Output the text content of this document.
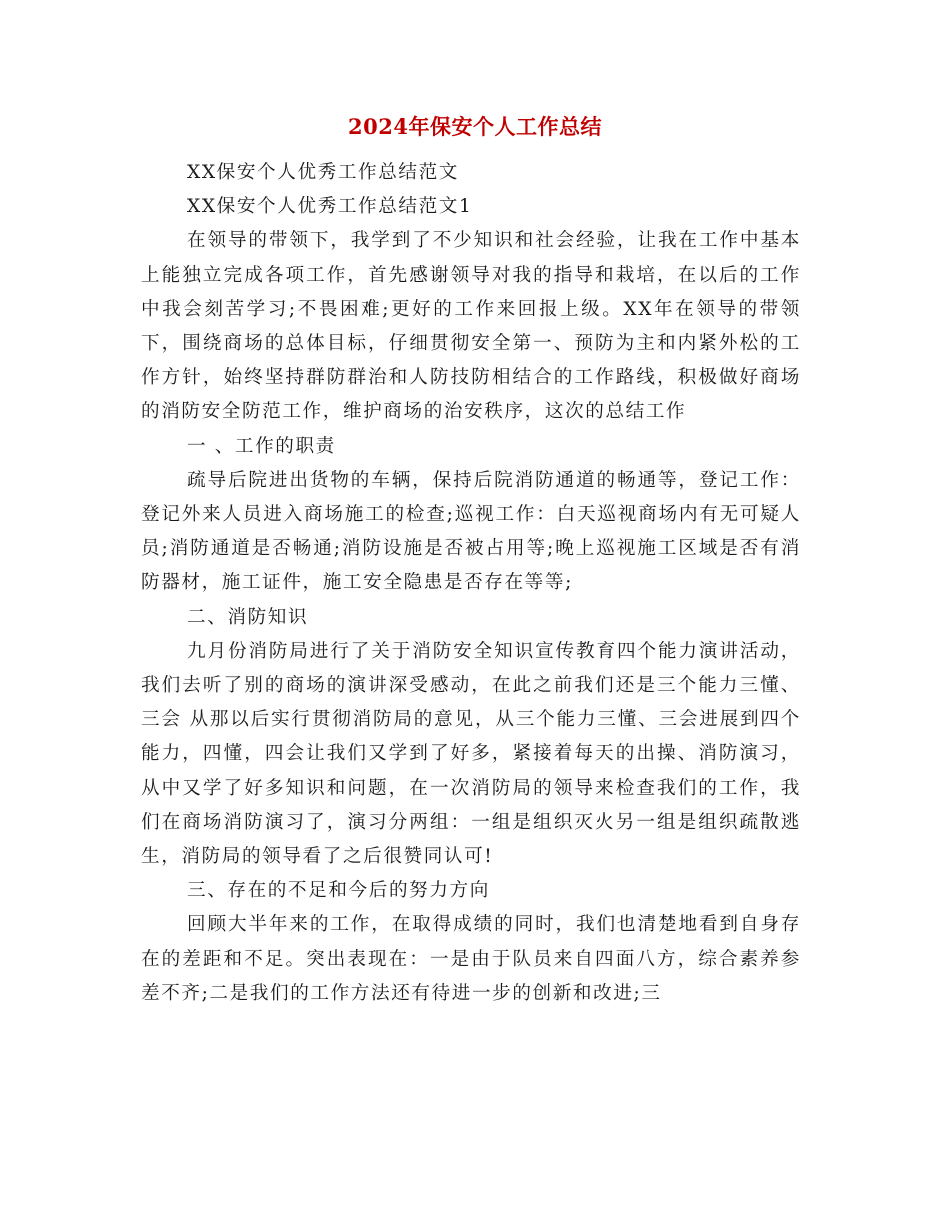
2024年保安个人工作总结

XX保安个人优秀工作总结范文

XX保安个人优秀工作总结范文1

在领导的带领下，我学到了不少知识和社会经验，让我在工作中基本上能独立完成各项工作，首先感谢领导对我的指导和栽培，在以后的工作中我会刻苦学习;不畏困难;更好的工作来回报上级。XX年在领导的带领下，围绕商场的总体目标，仔细贯彻安全第一、预防为主和内紧外松的工作方针，始终坚持群防群治和人防技防相结合的工作路线，积极做好商场的消防安全防范工作，维护商场的治安秩序，这次的总结工作

一 、工作的职责

疏导后院进出货物的车辆，保持后院消防通道的畅通等，登记工作：登记外来人员进入商场施工的检查;巡视工作：白天巡视商场内有无可疑人员;消防通道是否畅通;消防设施是否被占用等;晚上巡视施工区域是否有消防器材，施工证件，施工安全隐患是否存在等等;

二、消防知识

九月份消防局进行了关于消防安全知识宣传教育四个能力演讲活动，我们去听了别的商场的演讲深受感动，在此之前我们还是三个能力三懂、三会 从那以后实行贯彻消防局的意见，从三个能力三懂、三会进展到四个能力，四懂，四会让我们又学到了好多，紧接着每天的出操、消防演习，从中又学了好多知识和问题，在一次消防局的领导来检查我们的工作，我们在商场消防演习了，演习分两组：一组是组织灭火另一组是组织疏散逃生，消防局的领导看了之后很赞同认可!

三、存在的不足和今后的努力方向

回顾大半年来的工作，在取得成绩的同时，我们也清楚地看到自身存在的差距和不足。突出表现在：一是由于队员来自四面八方，综合素养参差不齐;二是我们的工作方法还有待进一步的创新和改进;三
